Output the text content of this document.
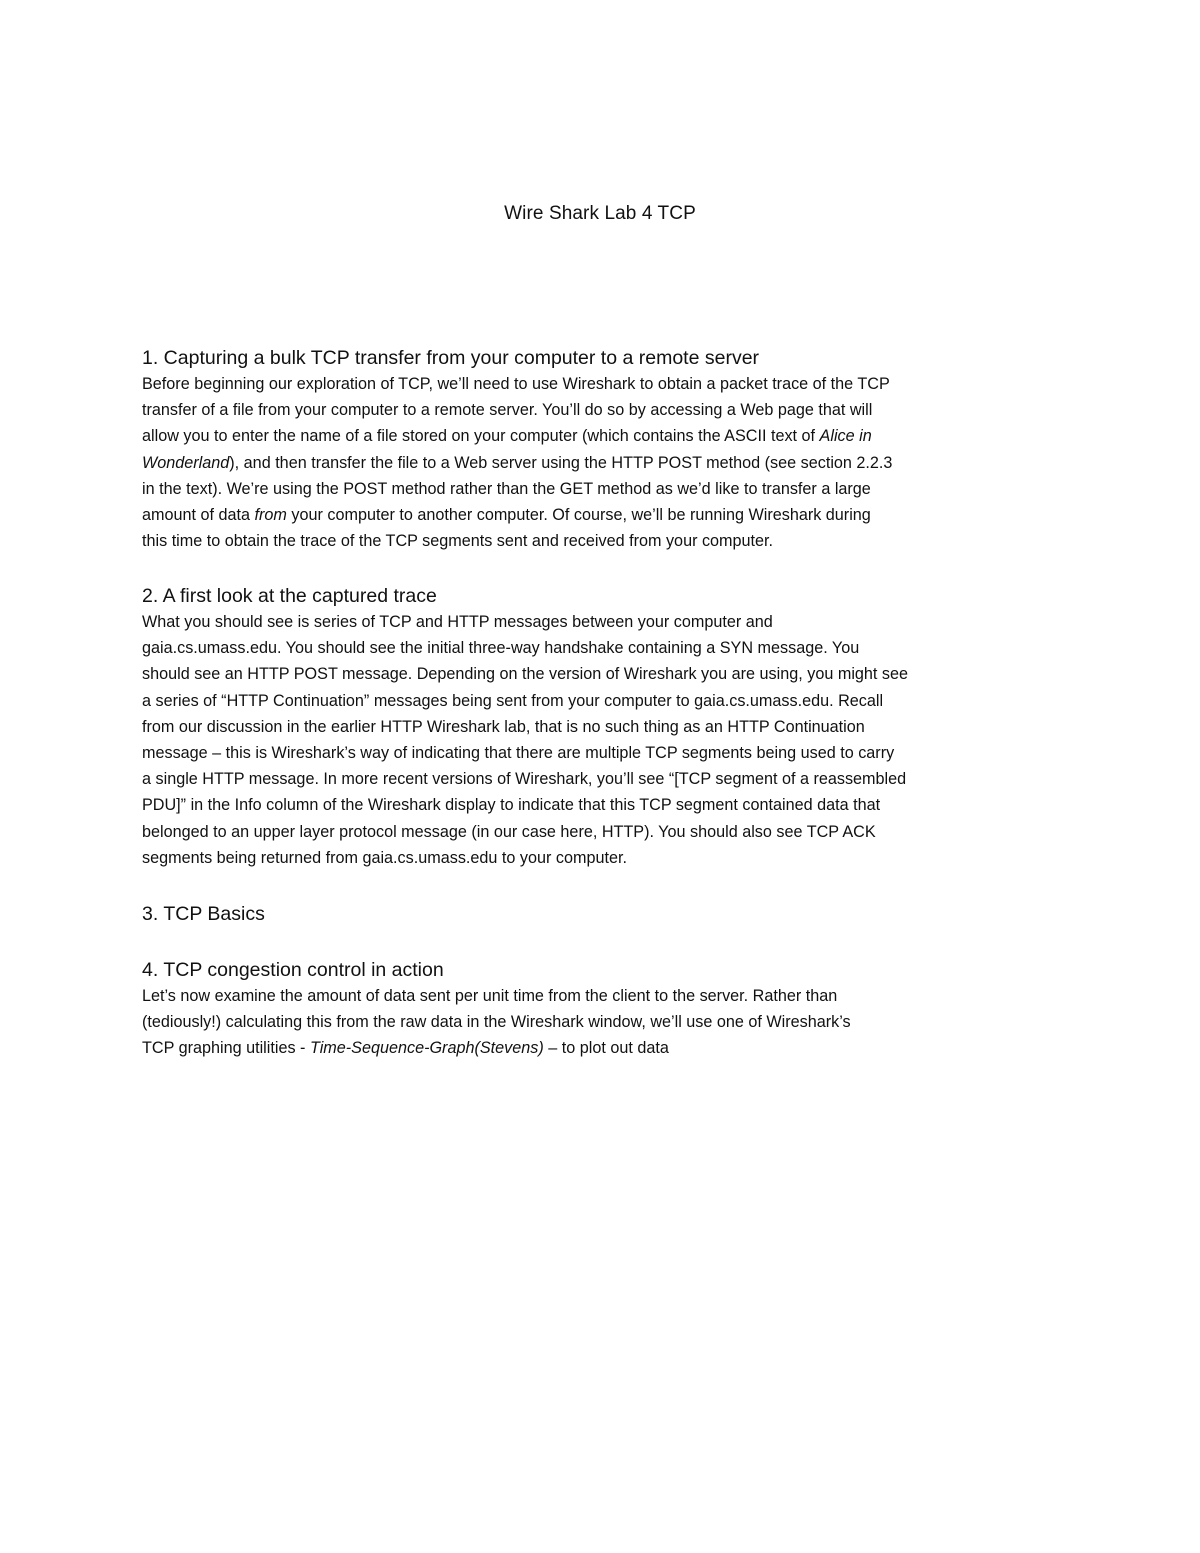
Wire Shark Lab 4 TCP
1. Capturing a bulk TCP transfer from your computer to a remote server
Before beginning our exploration of TCP, we’ll need to use Wireshark to obtain a packet trace of the TCP
transfer of a file from your computer to a remote server. You’ll do so by accessing a Web page that will
allow you to enter the name of a file stored on your computer (which contains the ASCII text of Alice in
Wonderland), and then transfer the file to a Web server using the HTTP POST method (see section 2.2.3
in the text). We’re using the POST method rather than the GET method as we’d like to transfer a large
amount of data from your computer to another computer. Of course, we’ll be running Wireshark during
this time to obtain the trace of the TCP segments sent and received from your computer.
2. A first look at the captured trace
What you should see is series of TCP and HTTP messages between your computer and
gaia.cs.umass.edu. You should see the initial three-way handshake containing a SYN message. You
should see an HTTP POST message. Depending on the version of Wireshark you are using, you might see
a series of “HTTP Continuation” messages being sent from your computer to gaia.cs.umass.edu. Recall
from our discussion in the earlier HTTP Wireshark lab, that is no such thing as an HTTP Continuation
message – this is Wireshark’s way of indicating that there are multiple TCP segments being used to carry
a single HTTP message. In more recent versions of Wireshark, you’ll see “[TCP segment of a reassembled
PDU]” in the Info column of the Wireshark display to indicate that this TCP segment contained data that
belonged to an upper layer protocol message (in our case here, HTTP). You should also see TCP ACK
segments being returned from gaia.cs.umass.edu to your computer.
3. TCP Basics
4. TCP congestion control in action
Let’s now examine the amount of data sent per unit time from the client to the server. Rather than
(tediously!) calculating this from the raw data in the Wireshark window, we’ll use one of Wireshark’s
TCP graphing utilities - Time-Sequence-Graph(Stevens) – to plot out data
